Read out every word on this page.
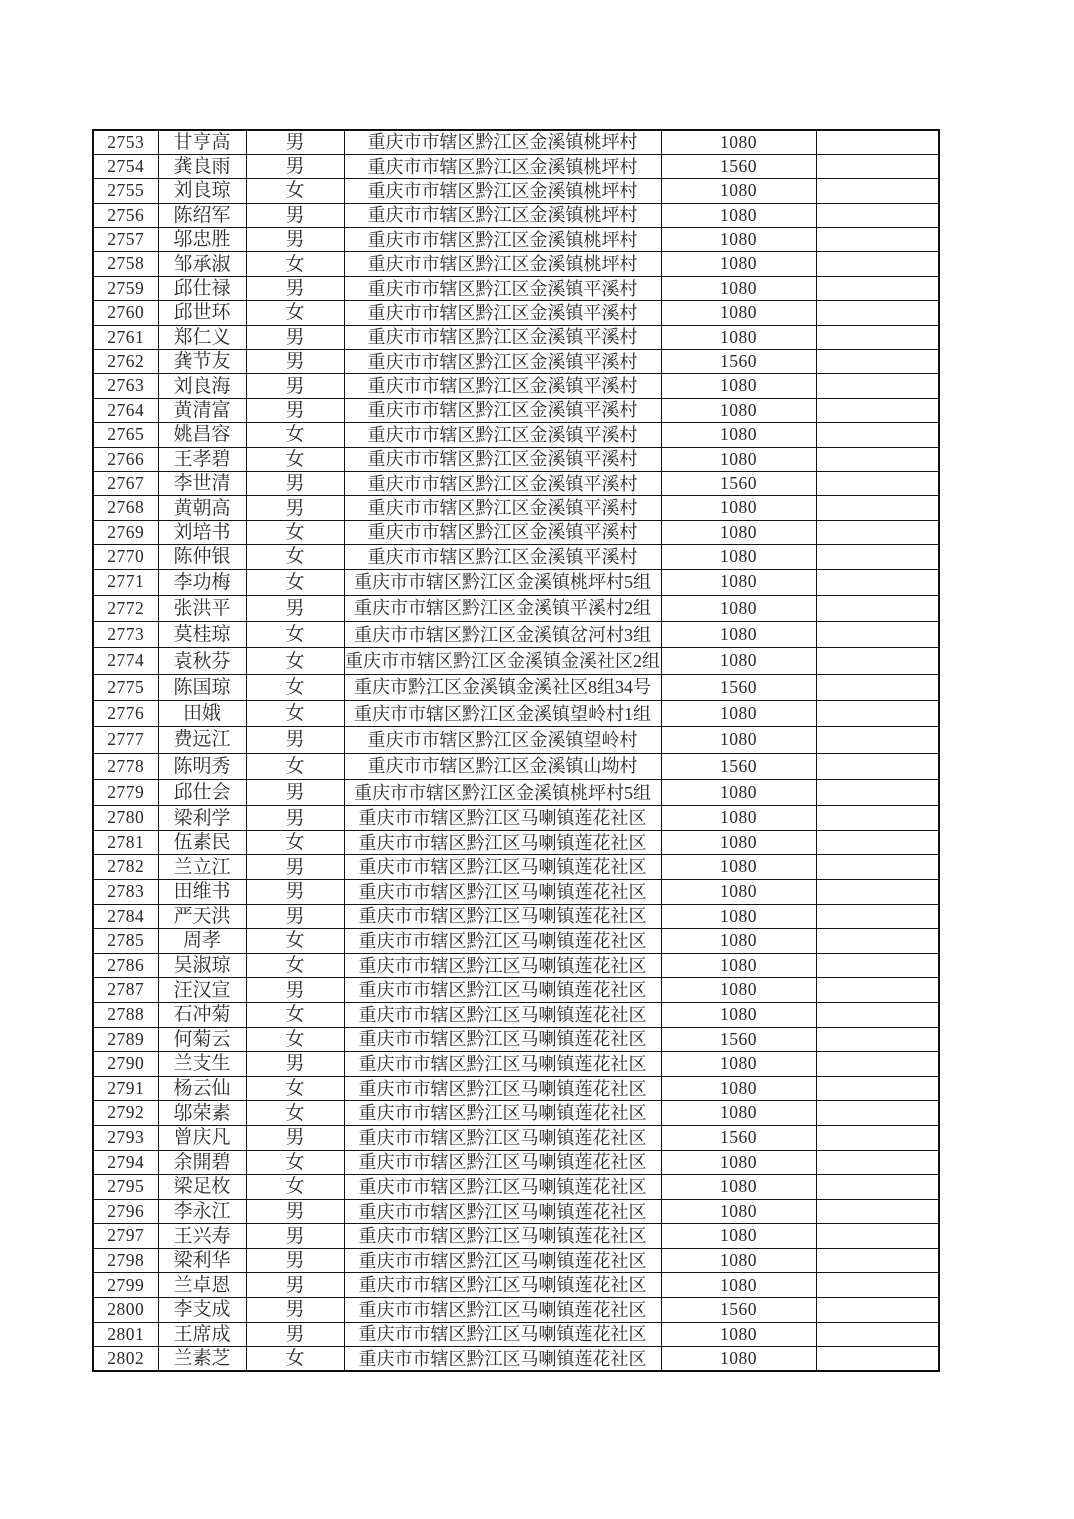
2753	甘亨高	男	重庆市市辖区黔江区金溪镇桃坪村	1080	
2754	龚良雨	男	重庆市市辖区黔江区金溪镇桃坪村	1560	
2755	刘良琼	女	重庆市市辖区黔江区金溪镇桃坪村	1080	
2756	陈绍军	男	重庆市市辖区黔江区金溪镇桃坪村	1080	
2757	邬忠胜	男	重庆市市辖区黔江区金溪镇桃坪村	1080	
2758	邹承淑	女	重庆市市辖区黔江区金溪镇桃坪村	1080	
2759	邱仕禄	男	重庆市市辖区黔江区金溪镇平溪村	1080	
2760	邱世环	女	重庆市市辖区黔江区金溪镇平溪村	1080	
2761	郑仁义	男	重庆市市辖区黔江区金溪镇平溪村	1080	
2762	龚节友	男	重庆市市辖区黔江区金溪镇平溪村	1560	
2763	刘良海	男	重庆市市辖区黔江区金溪镇平溪村	1080	
2764	黄清富	男	重庆市市辖区黔江区金溪镇平溪村	1080	
2765	姚昌容	女	重庆市市辖区黔江区金溪镇平溪村	1080	
2766	王孝碧	女	重庆市市辖区黔江区金溪镇平溪村	1080	
2767	李世清	男	重庆市市辖区黔江区金溪镇平溪村	1560	
2768	黄朝高	男	重庆市市辖区黔江区金溪镇平溪村	1080	
2769	刘培书	女	重庆市市辖区黔江区金溪镇平溪村	1080	
2770	陈仲银	女	重庆市市辖区黔江区金溪镇平溪村	1080	
2771	李功梅	女	重庆市市辖区黔江区金溪镇桃坪村5组	1080	
2772	张洪平	男	重庆市市辖区黔江区金溪镇平溪村2组	1080	
2773	莫桂琼	女	重庆市市辖区黔江区金溪镇岔河村3组	1080	
2774	袁秋芬	女	重庆市市辖区黔江区金溪镇金溪社区2组	1080	
2775	陈国琼	女	重庆市黔江区金溪镇金溪社区8组34号	1560	
2776	田娥	女	重庆市市辖区黔江区金溪镇望岭村1组	1080	
2777	费远江	男	重庆市市辖区黔江区金溪镇望岭村	1080	
2778	陈明秀	女	重庆市市辖区黔江区金溪镇山坳村	1560	
2779	邱仕会	男	重庆市市辖区黔江区金溪镇桃坪村5组	1080	
2780	梁利学	男	重庆市市辖区黔江区马喇镇莲花社区	1080	
2781	伍素民	女	重庆市市辖区黔江区马喇镇莲花社区	1080	
2782	兰立江	男	重庆市市辖区黔江区马喇镇莲花社区	1080	
2783	田维书	男	重庆市市辖区黔江区马喇镇莲花社区	1080	
2784	严天洪	男	重庆市市辖区黔江区马喇镇莲花社区	1080	
2785	周孝	女	重庆市市辖区黔江区马喇镇莲花社区	1080	
2786	吴淑琼	女	重庆市市辖区黔江区马喇镇莲花社区	1080	
2787	汪汉宣	男	重庆市市辖区黔江区马喇镇莲花社区	1080	
2788	石冲菊	女	重庆市市辖区黔江区马喇镇莲花社区	1080	
2789	何菊云	女	重庆市市辖区黔江区马喇镇莲花社区	1560	
2790	兰支生	男	重庆市市辖区黔江区马喇镇莲花社区	1080	
2791	杨云仙	女	重庆市市辖区黔江区马喇镇莲花社区	1080	
2792	邬荣素	女	重庆市市辖区黔江区马喇镇莲花社区	1080	
2793	曾庆凡	男	重庆市市辖区黔江区马喇镇莲花社区	1560	
2794	余開碧	女	重庆市市辖区黔江区马喇镇莲花社区	1080	
2795	梁足枚	女	重庆市市辖区黔江区马喇镇莲花社区	1080	
2796	李永江	男	重庆市市辖区黔江区马喇镇莲花社区	1080	
2797	王兴寿	男	重庆市市辖区黔江区马喇镇莲花社区	1080	
2798	梁利华	男	重庆市市辖区黔江区马喇镇莲花社区	1080	
2799	兰卓恩	男	重庆市市辖区黔江区马喇镇莲花社区	1080	
2800	李支成	男	重庆市市辖区黔江区马喇镇莲花社区	1560	
2801	王席成	男	重庆市市辖区黔江区马喇镇莲花社区	1080	
2802	兰素芝	女	重庆市市辖区黔江区马喇镇莲花社区	1080	
